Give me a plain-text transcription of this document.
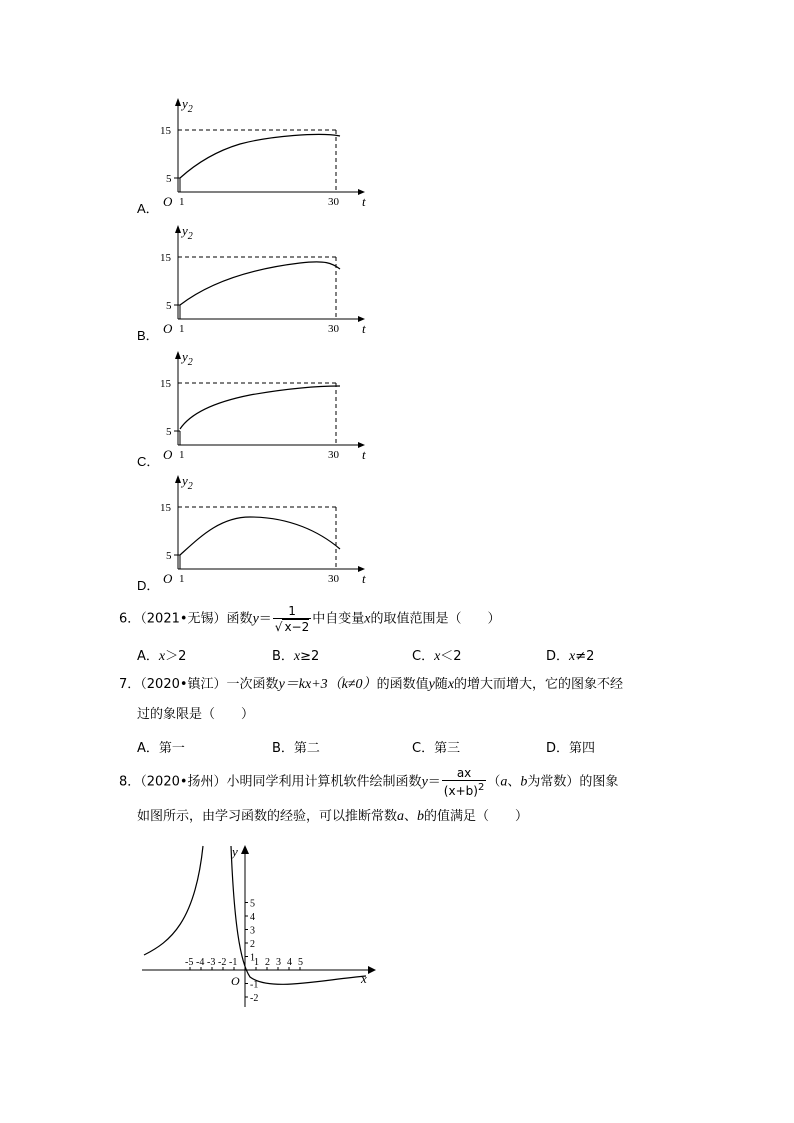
15
5
1	30
O	t
$y_2$
A．
15
5
1	30
O	t
$y_2$
B．
15
5
1	30
O	t
$y_2$
C．
15
5
1	30
O	t
$y_2$
D．
6．（2021•无锡）函数$y= \frac{1}{√ x-2}$ 中自变量x的取值范围是（　　）
A．x＞2	B．x≥2	C．x＜2	D．x≠2
7．（2020•镇江）一次函数y＝kx+3（k≠0）的函数值y随x的增大而增大，它的图象不经
过的象限是（　　）
A．第一	B．第二	C．第三	D．第四
8．（2020•扬州）小明同学利用计算机软件绘制函数$y= \frac{ax}{(x+b)^2} (a$、b为常数）的图象
如图所示，由学习函数的经验，可以推断常数a、b的值满足（　　）
x
y
O
-5 -4 -3 -2 -1 1 2 3 4 5
5
4
3
2
1
-1
-2
